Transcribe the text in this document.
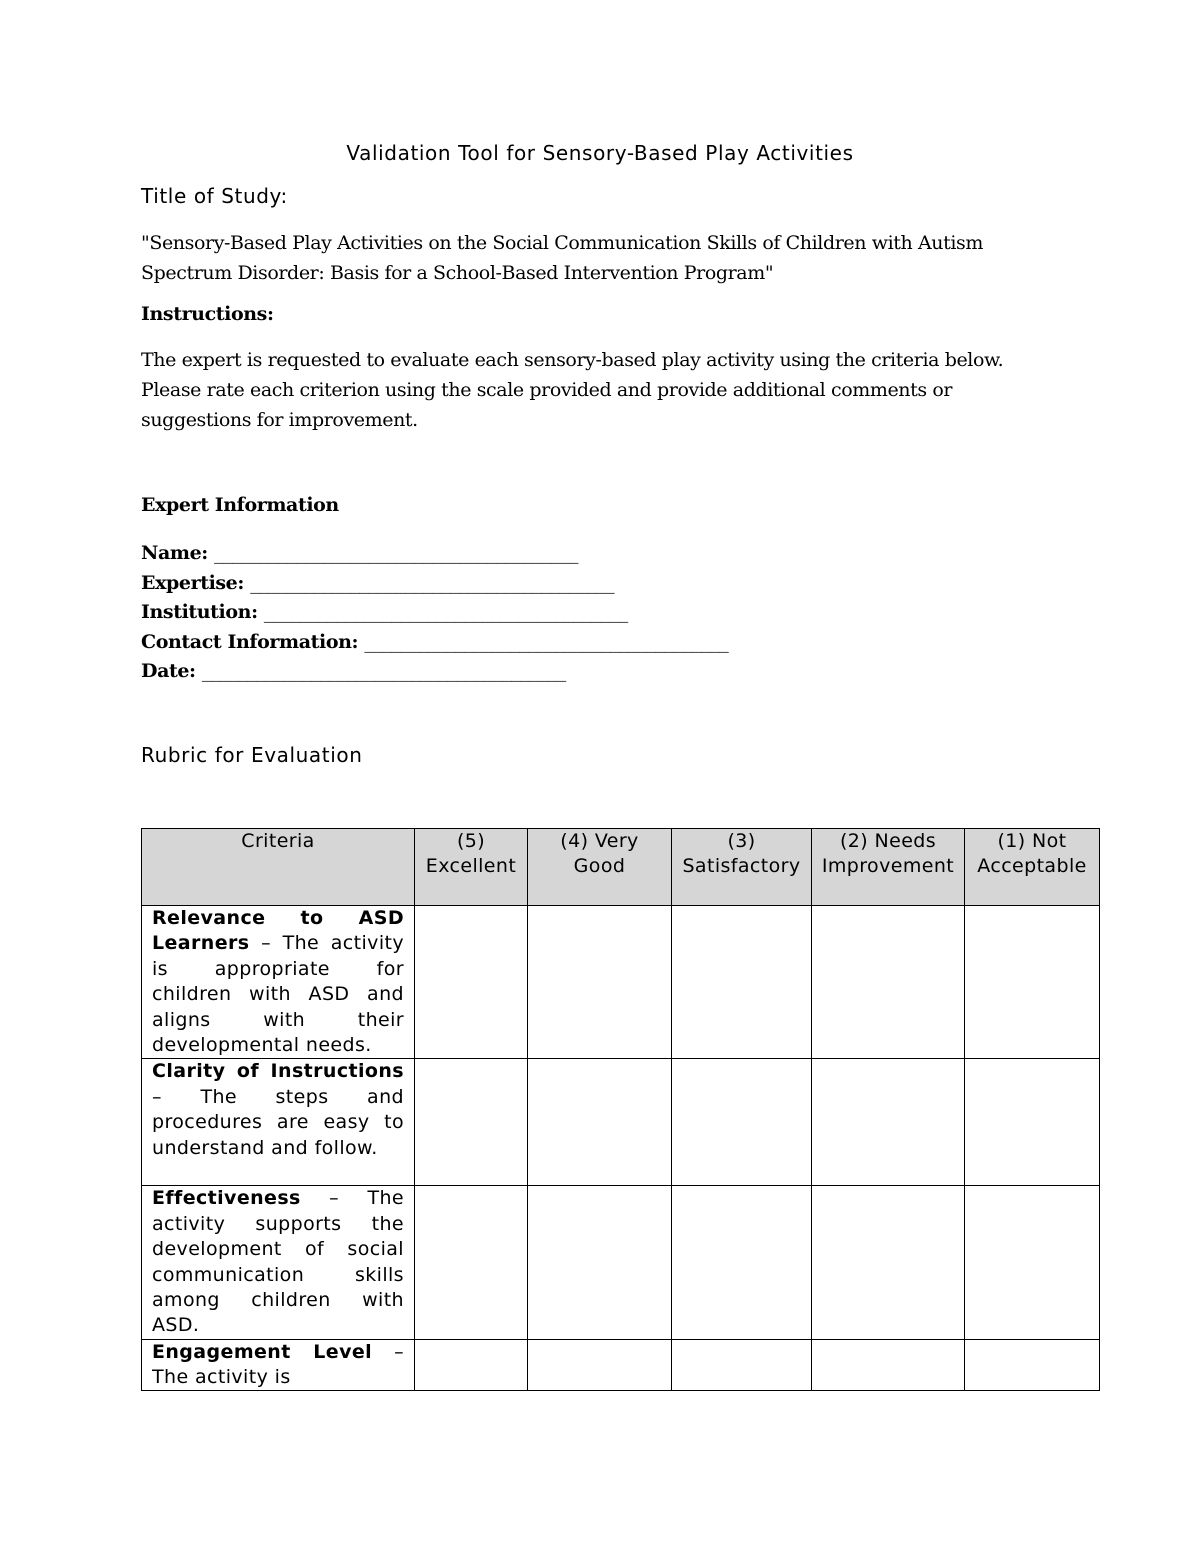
Validation Tool for Sensory-Based Play Activities
Title of Study:
"Sensory-Based Play Activities on the Social Communication Skills of Children with Autism Spectrum Disorder: Basis for a School-Based Intervention Program"
Instructions:
The expert is requested to evaluate each sensory-based play activity using the criteria below. Please rate each criterion using the scale provided and provide additional comments or suggestions for improvement.
Expert Information
Name: ________________________________________
Expertise: ________________________________________
Institution: ________________________________________
Contact Information: ________________________________________
Date: ________________________________________
Rubric for Evaluation
Criteria	(5) Excellent	(4) Very Good	(3) Satisfactory	(2) Needs Improvement	(1) Not Acceptable
Relevance to ASD Learners – The activity is appropriate for children with ASD and aligns with their developmental needs.					
Clarity of Instructions – The steps and procedures are easy to understand and follow.					
Effectiveness – The activity supports the development of social communication skills among children with ASD.					

Engagement Level – The activity is					
